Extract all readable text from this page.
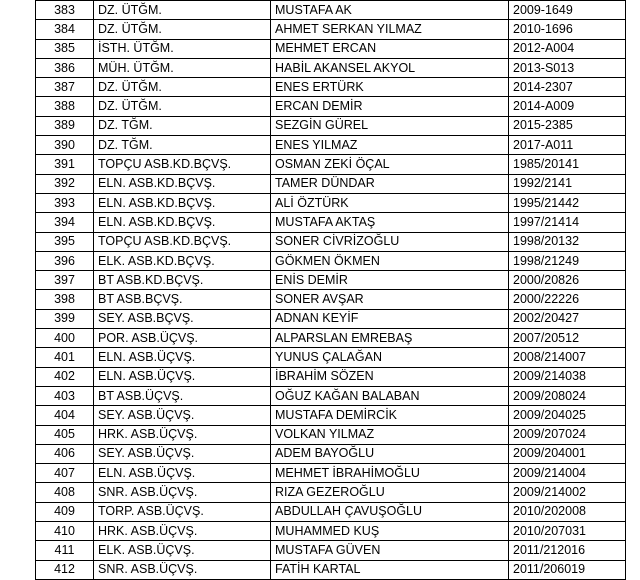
383	DZ. ÜTĞM.	MUSTAFA AK	2009-1649
384	DZ. ÜTĞM.	AHMET SERKAN YILMAZ	2010-1696
385	İSTH. ÜTĞM.	MEHMET ERCAN	2012-A004
386	MÜH. ÜTĞM.	HABİL AKANSEL AKYOL	2013-S013
387	DZ. ÜTĞM.	ENES ERTÜRK	2014-2307
388	DZ. ÜTĞM.	ERCAN DEMİR	2014-A009
389	DZ. TĞM.	SEZGİN GÜREL	2015-2385
390	DZ. TĞM.	ENES YILMAZ	2017-A011
391	TOPÇU ASB.KD.BÇVŞ.	OSMAN ZEKİ ÖÇAL	1985/20141
392	ELN. ASB.KD.BÇVŞ.	TAMER DÜNDAR	1992/2141
393	ELN. ASB.KD.BÇVŞ.	ALİ ÖZTÜRK	1995/21442
394	ELN. ASB.KD.BÇVŞ.	MUSTAFA AKTAŞ	1997/21414
395	TOPÇU ASB.KD.BÇVŞ.	SONER CİVRİZOĞLU	1998/20132
396	ELK. ASB.KD.BÇVŞ.	GÖKMEN ÖKMEN	1998/21249
397	BT ASB.KD.BÇVŞ.	ENİS DEMİR	2000/20826
398	BT ASB.BÇVŞ.	SONER AVŞAR	2000/22226
399	SEY. ASB.BÇVŞ.	ADNAN KEYİF	2002/20427
400	POR. ASB.ÜÇVŞ.	ALPARSLAN EMREBAŞ	2007/20512
401	ELN. ASB.ÜÇVŞ.	YUNUS ÇALAĞAN	2008/214007
402	ELN. ASB.ÜÇVŞ.	İBRAHİM SÖZEN	2009/214038
403	BT ASB.ÜÇVŞ.	OĞUZ KAĞAN BALABAN	2009/208024
404	SEY. ASB.ÜÇVŞ.	MUSTAFA DEMİRCİK	2009/204025
405	HRK. ASB.ÜÇVŞ.	VOLKAN YILMAZ	2009/207024
406	SEY. ASB.ÜÇVŞ.	ADEM BAYOĞLU	2009/204001
407	ELN. ASB.ÜÇVŞ.	MEHMET İBRAHİMOĞLU	2009/214004
408	SNR. ASB.ÜÇVŞ.	RIZA GEZEROĞLU	2009/214002
409	TORP. ASB.ÜÇVŞ.	ABDULLAH ÇAVUŞOĞLU	2010/202008
410	HRK. ASB.ÜÇVŞ.	MUHAMMED KUŞ	2010/207031
411	ELK. ASB.ÜÇVŞ.	MUSTAFA GÜVEN	2011/212016
412	SNR. ASB.ÜÇVŞ.	FATİH KARTAL	2011/206019
